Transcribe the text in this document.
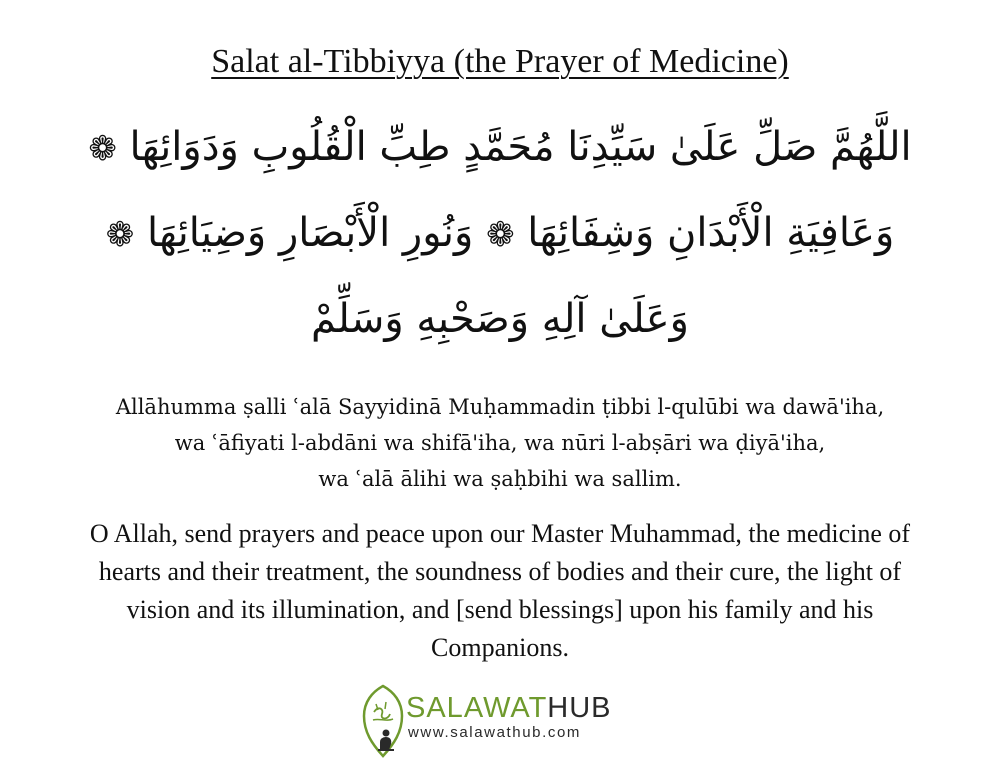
Salat al-Tibbiyya (the Prayer of Medicine)

اللَّهُمَّ صَلِّ عَلَىٰ سَيِّدِنَا مُحَمَّدٍ طِبِّ الْقُلُوبِ وَدَوَائِهَا ❁

وَعَافِيَةِ الْأَبْدَانِ وَشِفَائِهَا ❁ وَنُورِ الْأَبْصَارِ وَضِيَائِهَا ❁

وَعَلَىٰ آلِهِ وَصَحْبِهِ وَسَلِّمْ

Allāhumma ṣalli ʿalā Sayyidinā Muḥammadin ṭibbi l-qulūbi wa dawā'iha,

wa ʿāfiyati l-abdāni wa shifā'iha, wa nūri l-abṣāri wa ḍiyā'iha,

wa ʿalā ālihi wa ṣaḥbihi wa sallim.

O Allah, send prayers and peace upon our Master Muhammad, the medicine of

hearts and their treatment, the soundness of bodies and their cure, the light of

vision and its illumination, and [send blessings] upon his family and his

Companions.

SALAWATHUB
www.salawathub.com
